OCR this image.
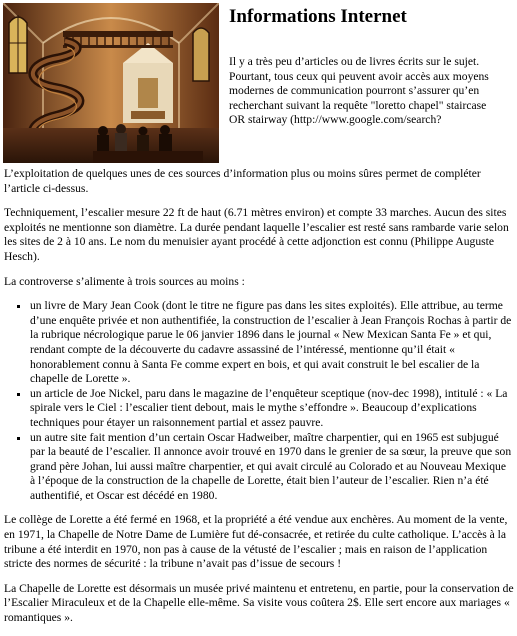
Informations Internet

Il y a très peu d’articles ou de livres écrits sur le sujet. Pourtant, tous ceux qui peuvent avoir accès aux moyens modernes de communication pourront s’assurer qu’en recherchant suivant la requête "loretto chapel" staircase OR stairway (http://www.google.com/search?

L’exploitation de quelques unes de ces sources d’information plus ou moins sûres permet de compléter l’article ci-dessus.

Techniquement, l’escalier mesure 22 ft de haut (6.71 mètres environ) et compte 33 marches. Aucun des sites exploités ne mentionne son diamètre. La durée pendant laquelle l’escalier est resté sans rambarde varie selon les sites de 2 à 10 ans. Le nom du menuisier ayant procédé à cette adjonction est connu (Philippe Auguste Hesch).

La controverse s’alimente à trois sources au moins :

▪ un livre de Mary Jean Cook (dont le titre ne figure pas dans les sites exploités). Elle attribue, au terme d’une enquête privée et non authentifiée, la construction de l’escalier à Jean François Rochas à partir de la rubrique nécrologique parue le 06 janvier 1896 dans le journal « New Mexican Santa Fe » et qui, rendant compte de la découverte du cadavre assassiné de l’intéressé, mentionne qu’il était « honorablement connu à Santa Fe comme expert en bois, et qui avait construit le bel escalier de la chapelle de Lorette ».
▪ un article de Joe Nickel, paru dans le magazine de l’enquêteur sceptique (nov-dec 1998), intitulé : « La spirale vers le Ciel : l’escalier tient debout, mais le mythe s’effondre ». Beaucoup d’explications techniques pour étayer un raisonnement partial et assez pauvre.
▪ un autre site fait mention d’un certain Oscar Hadweiber, maître charpentier, qui en 1965 est subjugué par la beauté de l’escalier. Il annonce avoir trouvé en 1970 dans le grenier de sa sœur, la preuve que son grand père Johan, lui aussi maître charpentier, et qui avait circulé au Colorado et au Nouveau Mexique à l’époque de la construction de la chapelle de Lorette, était bien l’auteur de l’escalier. Rien n’a été authentifié, et Oscar est décédé en 1980.

Le collège de Lorette a été fermé en 1968, et la propriété a été vendue aux enchères. Au moment de la vente, en 1971, la Chapelle de Notre Dame de Lumière fut dé-consacrée, et retirée du culte catholique. L’accès à la tribune a été interdit en 1970, non pas à cause de la vétusté de l’escalier ; mais en raison de l’application stricte des normes de sécurité : la tribune n’avait pas d’issue de secours !

La Chapelle de Lorette est désormais un musée privé maintenu et entretenu, en partie, pour la conservation de l’Escalier Miraculeux et de la Chapelle elle-même. Sa visite vous coûtera 2$. Elle sert encore aux mariages « romantiques ».
